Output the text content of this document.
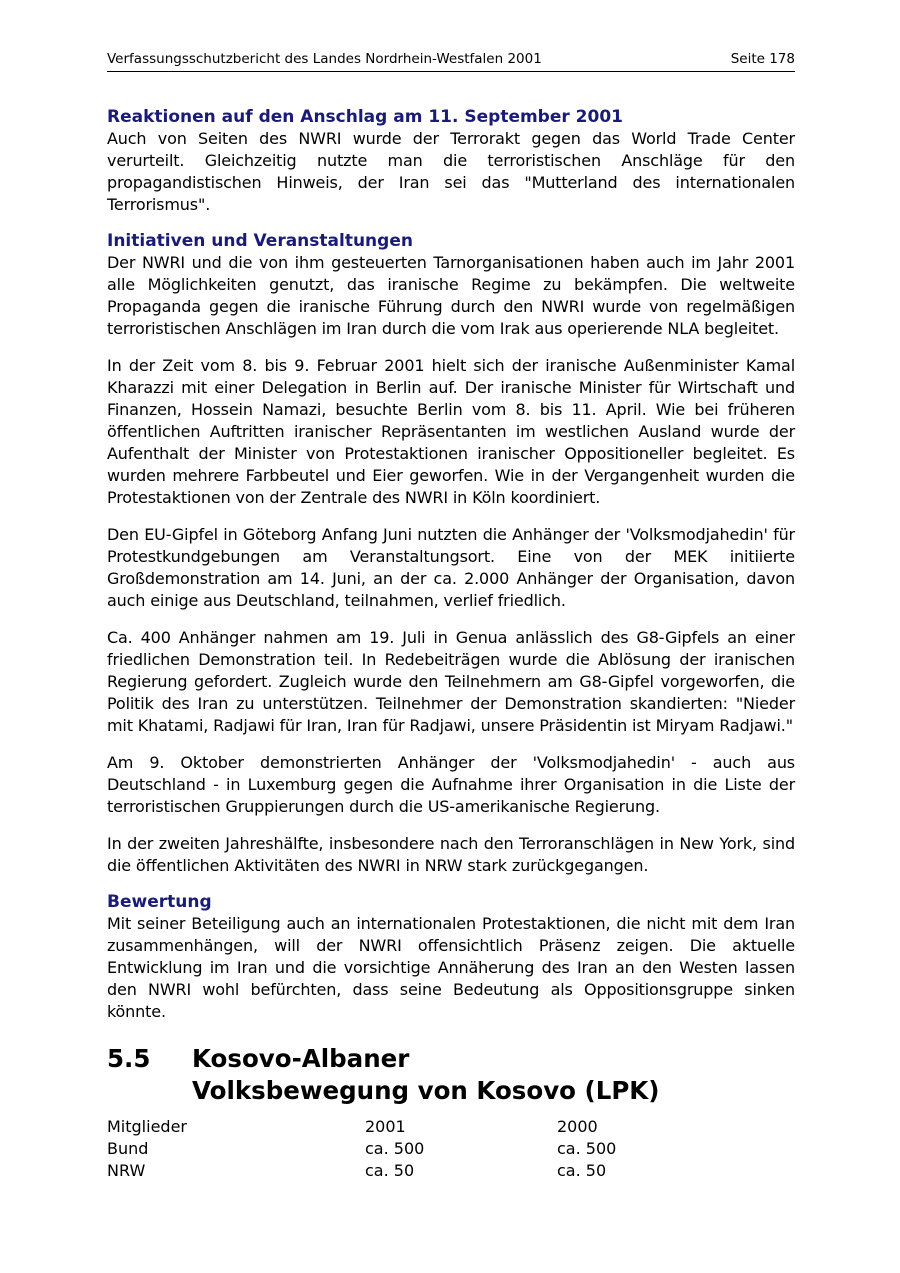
Verfassungsschutzbericht des Landes Nordrhein-Westfalen 2001	Seite 178
Reaktionen auf den Anschlag am 11. September 2001

Auch von Seiten des NWRI wurde der Terrorakt gegen das World Trade Center verurteilt. Gleichzeitig nutzte man die terroristischen Anschläge für den propagandistischen Hinweis, der Iran sei das "Mutterland des internationalen Terrorismus".

Initiativen und Veranstaltungen

Der NWRI und die von ihm gesteuerten Tarnorganisationen haben auch im Jahr 2001 alle Möglichkeiten genutzt, das iranische Regime zu bekämpfen. Die weltweite Propaganda gegen die iranische Führung durch den NWRI wurde von regelmäßigen terroristischen Anschlägen im Iran durch die vom Irak aus operierende NLA begleitet.

In der Zeit vom 8. bis 9. Februar 2001 hielt sich der iranische Außenminister Kamal Kharazzi mit einer Delegation in Berlin auf. Der iranische Minister für Wirtschaft und Finanzen, Hossein Namazi, besuchte Berlin vom 8. bis 11. April. Wie bei früheren öffentlichen Auftritten iranischer Repräsentanten im westlichen Ausland wurde der Aufenthalt der Minister von Protestaktionen iranischer Oppositioneller begleitet. Es wurden mehrere Farbbeutel und Eier geworfen. Wie in der Vergangenheit wurden die Protestaktionen von der Zentrale des NWRI in Köln koordiniert.

Den EU-Gipfel in Göteborg Anfang Juni nutzten die Anhänger der 'Volksmodjahedin' für Protestkundgebungen am Veranstaltungsort. Eine von der MEK initiierte Großdemonstration am 14. Juni, an der ca. 2.000 Anhänger der Organisation, davon auch einige aus Deutschland, teilnahmen, verlief friedlich.

Ca. 400 Anhänger nahmen am 19. Juli in Genua anlässlich des G8-Gipfels an einer friedlichen Demonstration teil. In Redebeiträgen wurde die Ablösung der iranischen Regierung gefordert. Zugleich wurde den Teilnehmern am G8-Gipfel vorgeworfen, die Politik des Iran zu unterstützen. Teilnehmer der Demonstration skandierten: "Nieder mit Khatami, Radjawi für Iran, Iran für Radjawi, unsere Präsidentin ist Miryam Radjawi."

Am 9. Oktober demonstrierten Anhänger der 'Volksmodjahedin' - auch aus Deutschland - in Luxemburg gegen die Aufnahme ihrer Organisation in die Liste der terroristischen Gruppierungen durch die US-amerikanische Regierung.

In der zweiten Jahreshälfte, insbesondere nach den Terroranschlägen in New York, sind die öffentlichen Aktivitäten des NWRI in NRW stark zurückgegangen.

Bewertung

Mit seiner Beteiligung auch an internationalen Protestaktionen, die nicht mit dem Iran zusammenhängen, will der NWRI offensichtlich Präsenz zeigen. Die aktuelle Entwicklung im Iran und die vorsichtige Annäherung des Iran an den Westen lassen den NWRI wohl befürchten, dass seine Bedeutung als Oppositionsgruppe sinken könnte.

5.5	Kosovo-Albaner
Volksbewegung von Kosovo (LPK)
Mitglieder	2001	2000
Bund	ca. 500	ca. 500
NRW	ca. 50	ca. 50
